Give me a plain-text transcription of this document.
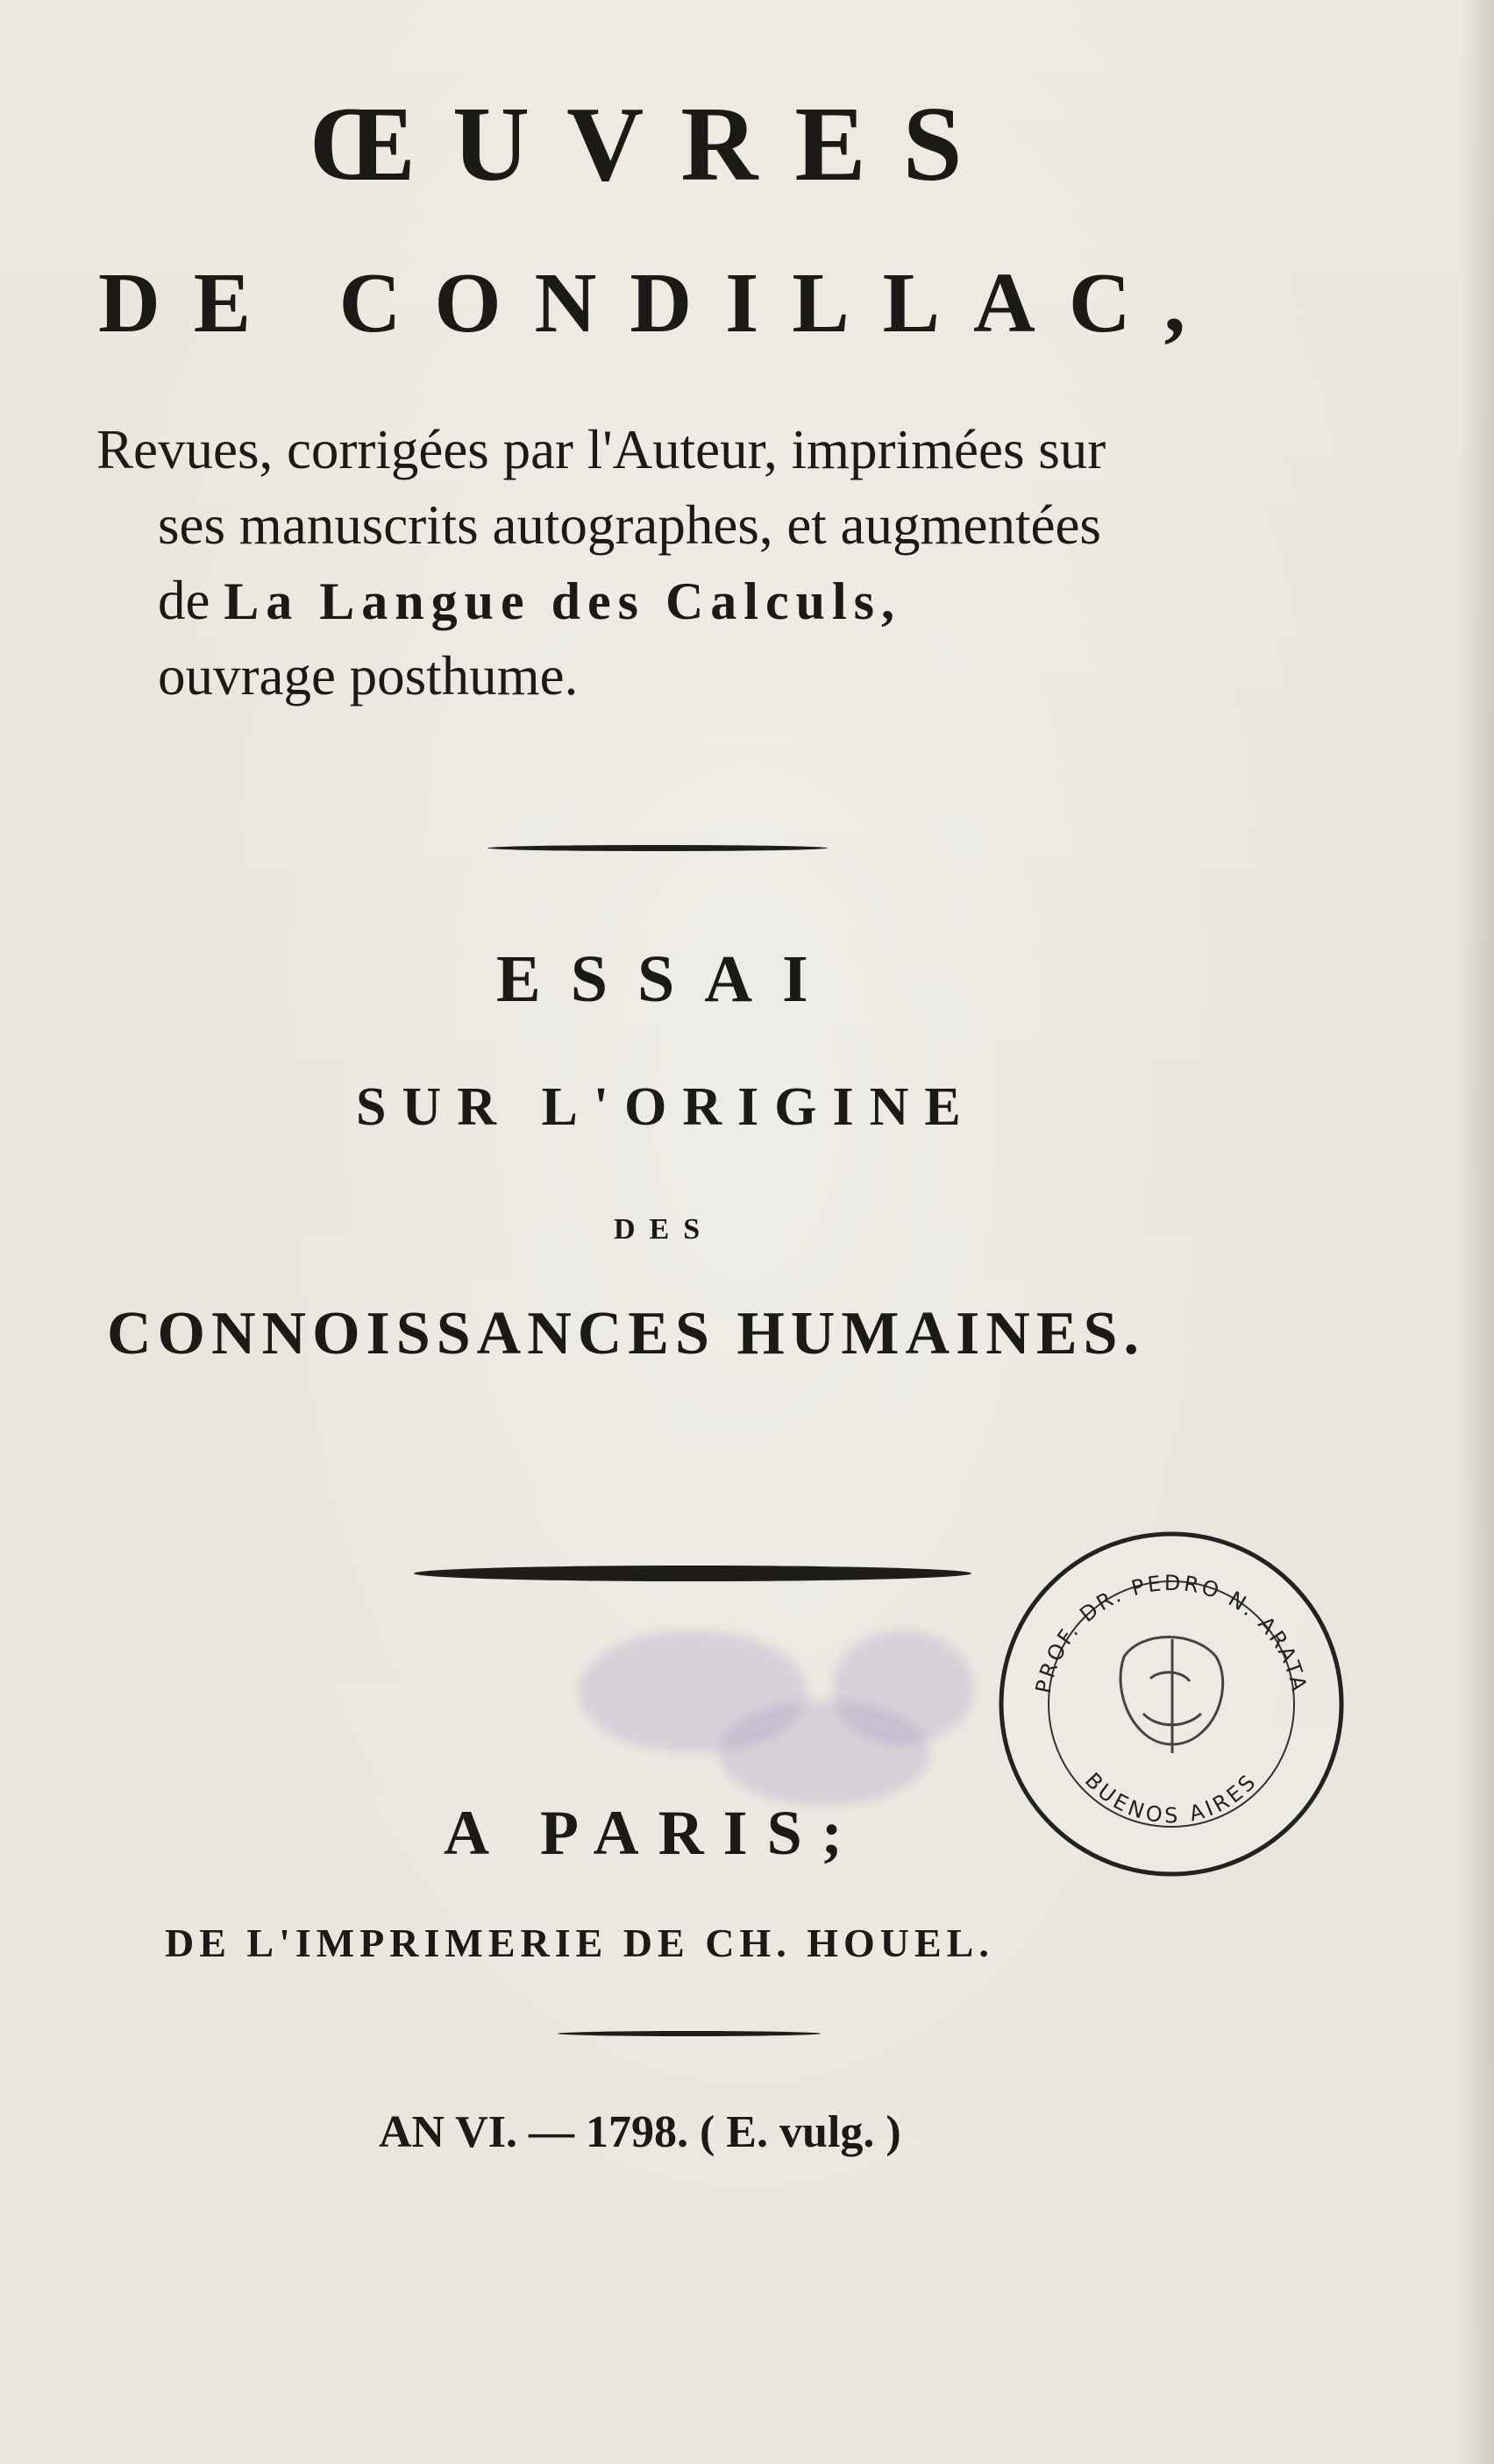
ŒUVRES

DE CONDILLAC,

Revues, corrigées par l'Auteur, imprimées sur

ses manuscrits autographes, et augmentées

de La Langue des Calculs,

ouvrage posthume.

ESSAI

SUR L'ORIGINE

DES

CONNOISSANCES HUMAINES.

PROF. DR. PEDRO N. ARATA
BUENOS AIRES

A PARIS;

DE L'IMPRIMERIE DE CH. HOUEL.

AN VI. — 1798. ( E. vulg. )
